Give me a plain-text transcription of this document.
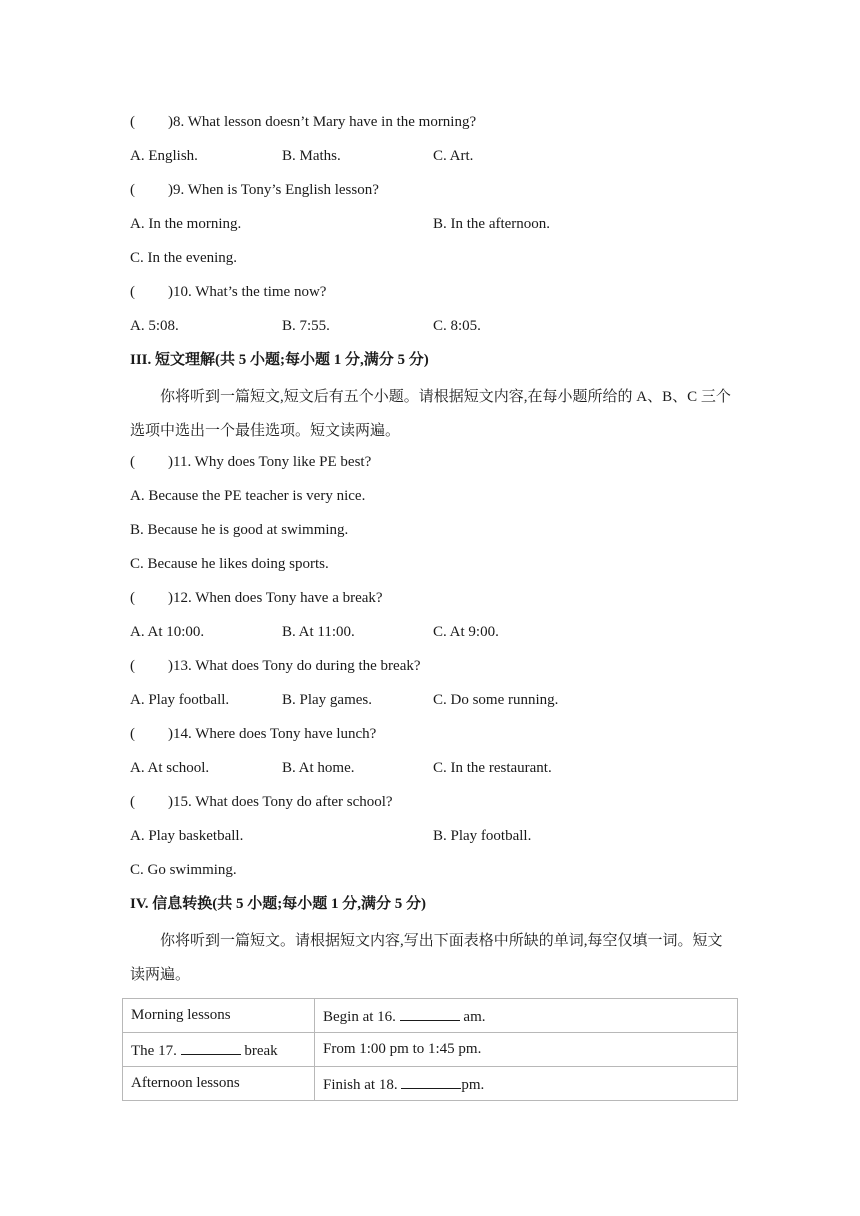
( )8. What lesson doesn’t Mary have in the morning?
A. English.	B. Maths.	C. Art.
( )9. When is Tony’s English lesson?
A. In the morning.	B. In the afternoon.
C. In the evening.
( )10. What’s the time now?
A. 5:08.	B. 7:55.	C. 8:05.
III. 短文理解(共 5 小题;每小题 1 分,满分 5 分)

你将听到一篇短文,短文后有五个小题。请根据短文内容,在每小题所给的 A、B、C 三个选项中选出一个最佳选项。短文读两遍。

( )11. Why does Tony like PE best?
A. Because the PE teacher is very nice.
B. Because he is good at swimming.
C. Because he likes doing sports.
( )12. When does Tony have a break?
A. At 10:00.	B. At 11:00.	C. At 9:00.
( )13. What does Tony do during the break?
A. Play football.	B. Play games.	C. Do some running.
( )14. Where does Tony have lunch?
A. At school.	B. At home.	C. In the restaurant.
( )15. What does Tony do after school?
A. Play basketball.	B. Play football.
C. Go swimming.
IV. 信息转换(共 5 小题;每小题 1 分,满分 5 分)

你将听到一篇短文。请根据短文内容,写出下面表格中所缺的单词,每空仅填一词。短文读两遍。

Morning lessons	Begin at 16. am.
The 17. break	From 1:00 pm to 1:45 pm.
Afternoon lessons	Finish at 18. pm.
